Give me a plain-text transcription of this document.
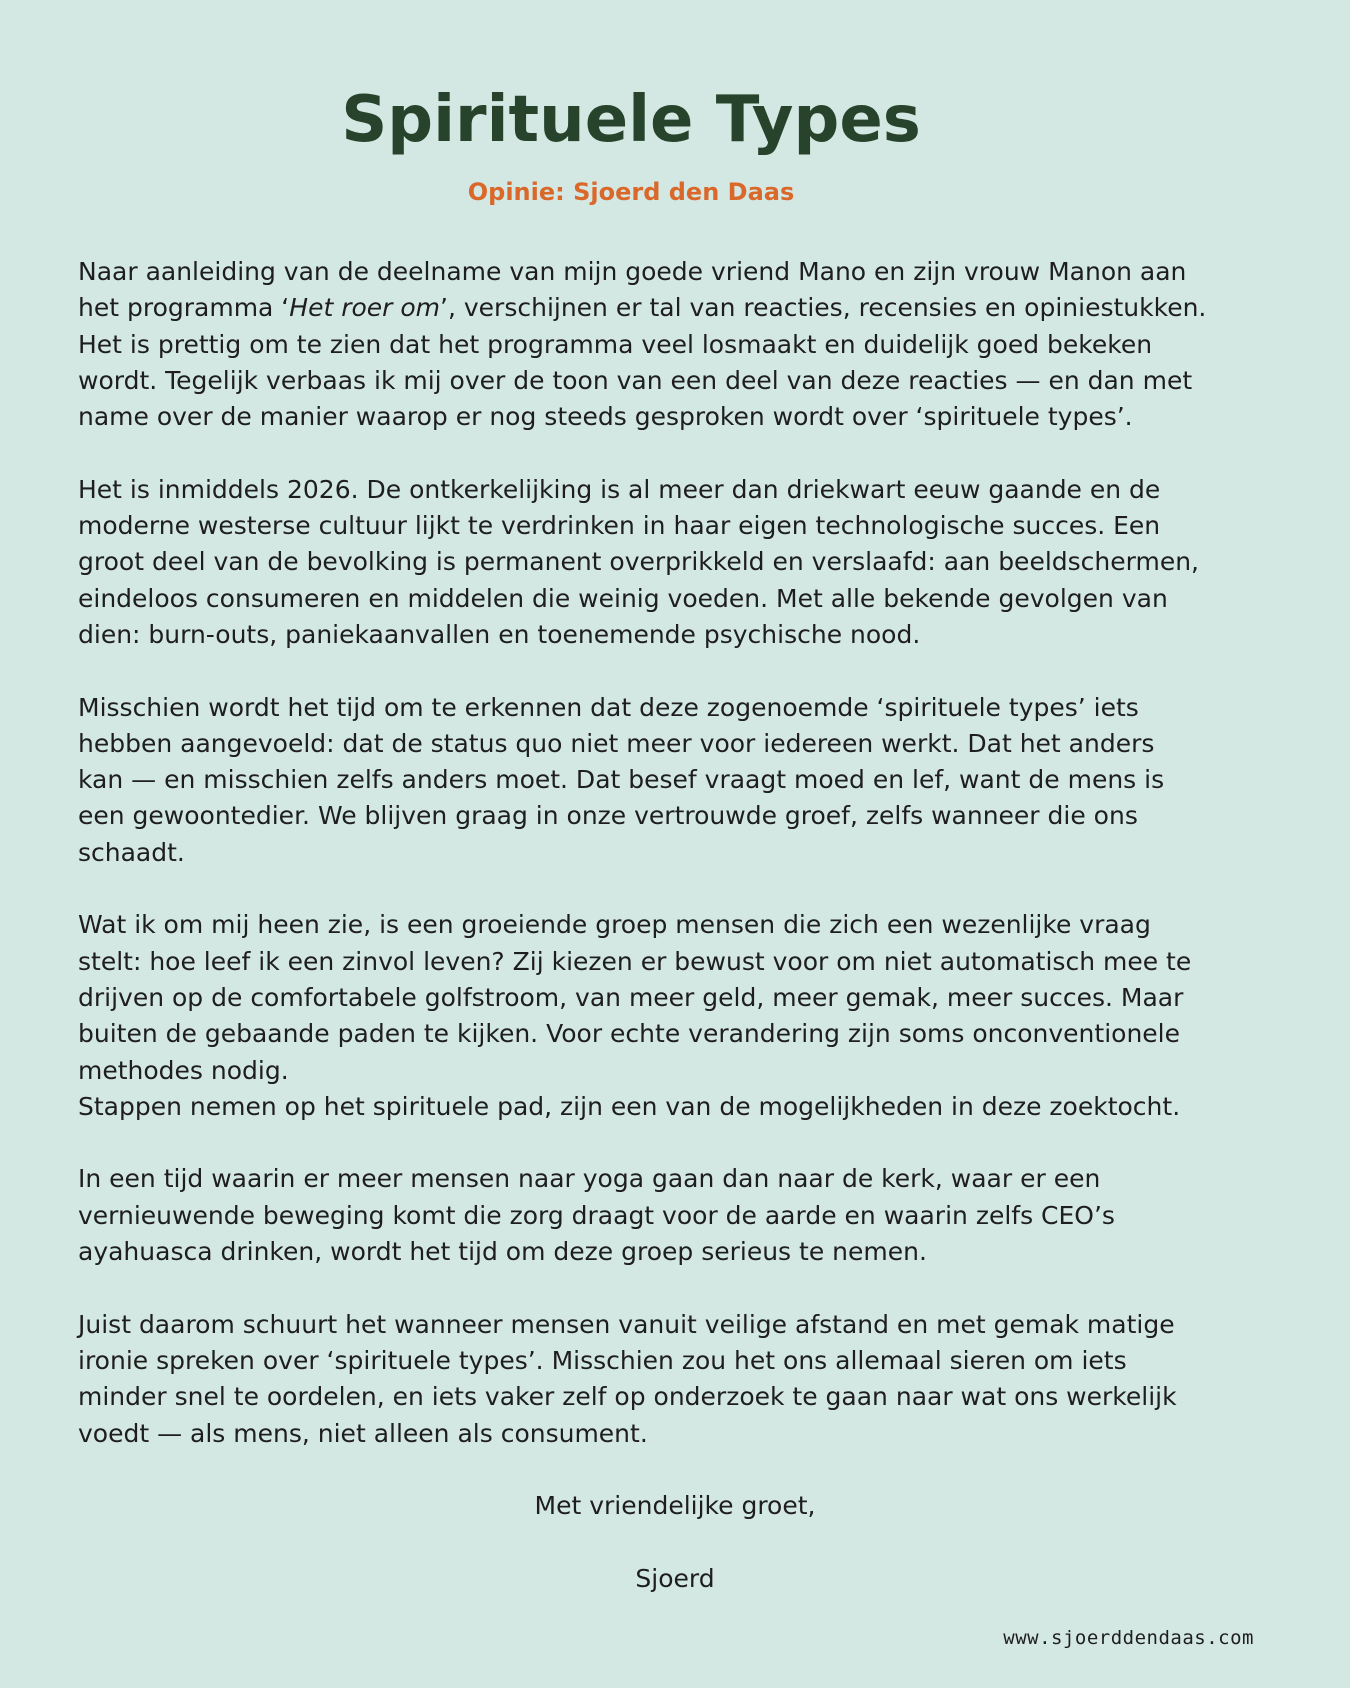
Spirituele Types
Opinie: Sjoerd den Daas

Naar aanleiding van de deelname van mijn goede vriend Mano en zijn vrouw Manon aan
het programma ‘Het roer om’, verschijnen er tal van reacties, recensies en opiniestukken.
Het is prettig om te zien dat het programma veel losmaakt en duidelijk goed bekeken
wordt. Tegelijk verbaas ik mij over de toon van een deel van deze reacties — en dan met
name over de manier waarop er nog steeds gesproken wordt over ‘spirituele types’.

Het is inmiddels 2026. De ontkerkelijking is al meer dan driekwart eeuw gaande en de
moderne westerse cultuur lijkt te verdrinken in haar eigen technologische succes. Een
groot deel van de bevolking is permanent overprikkeld en verslaafd: aan beeldschermen,
eindeloos consumeren en middelen die weinig voeden. Met alle bekende gevolgen van
dien: burn-outs, paniekaanvallen en toenemende psychische nood.

Misschien wordt het tijd om te erkennen dat deze zogenoemde ‘spirituele types’ iets
hebben aangevoeld: dat de status quo niet meer voor iedereen werkt. Dat het anders
kan — en misschien zelfs anders moet. Dat besef vraagt moed en lef, want de mens is
een gewoontedier. We blijven graag in onze vertrouwde groef, zelfs wanneer die ons
schaadt.

Wat ik om mij heen zie, is een groeiende groep mensen die zich een wezenlijke vraag
stelt: hoe leef ik een zinvol leven? Zij kiezen er bewust voor om niet automatisch mee te
drijven op de comfortabele golfstroom, van meer geld, meer gemak, meer succes. Maar
buiten de gebaande paden te kijken. Voor echte verandering zijn soms onconventionele
methodes nodig.
Stappen nemen op het spirituele pad, zijn een van de mogelijkheden in deze zoektocht.

In een tijd waarin er meer mensen naar yoga gaan dan naar de kerk, waar er een
vernieuwende beweging komt die zorg draagt voor de aarde en waarin zelfs CEO’s
ayahuasca drinken, wordt het tijd om deze groep serieus te nemen.

Juist daarom schuurt het wanneer mensen vanuit veilige afstand en met gemak matige
ironie spreken over ‘spirituele types’. Misschien zou het ons allemaal sieren om iets
minder snel te oordelen, en iets vaker zelf op onderzoek te gaan naar wat ons werkelijk
voedt — als mens, niet alleen als consument.

Met vriendelijke groet,
Sjoerd
www.sjoerddendaas.com
